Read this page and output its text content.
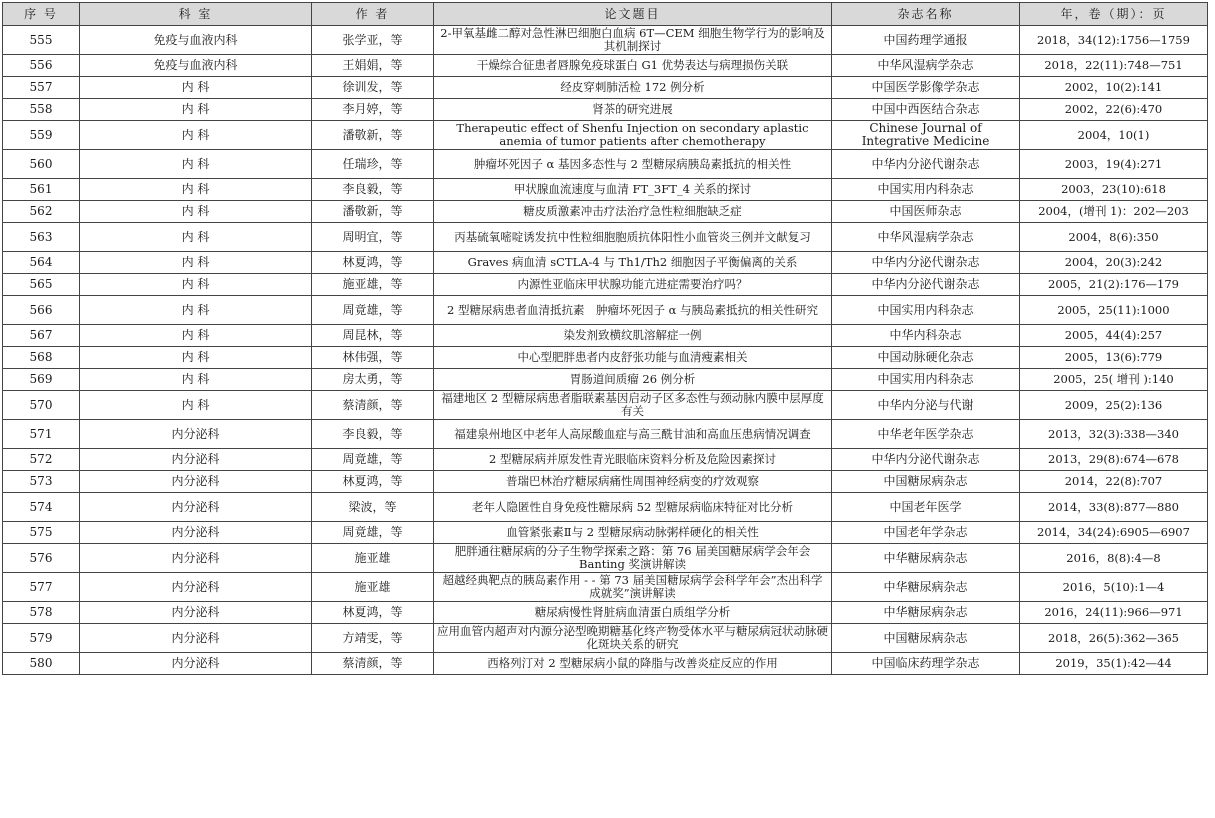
序 号	科 室	作 者	论文题目	杂志名称	年，卷（期）：页
555	免疫与血液内科	张学亚，等	2-甲氧基雌二醇对急性淋巴细胞白血病 6T—CEM 细胞生物学行为的影响及其机制探讨	中国药理学通报	2018，34(12):1756—1759
556	免疫与血液内科	王娟娟，等	干燥综合征患者唇腺免疫球蛋白 G1 优势表达与病理损伤关联	中华风湿病学杂志	2018，22(11):748—751
557	内 科	徐训发，等	经皮穿刺肺活检 172 例分析	中国医学影像学杂志	2002，10(2):141
558	内 科	李月婷，等	肾茶的研究进展	中国中西医结合杂志	2002，22(6):470
559	内 科	潘敬新，等	Therapeutic effect of Shenfu Injection on secondary aplastic anemia of tumor patients after chemotherapy	Chinese Journal of Integrative Medicine	2004，10(1)
560	内 科	任瑞珍，等	肿瘤坏死因子 α 基因多态性与 2 型糖尿病胰岛素抵抗的相关性	中华内分泌代谢杂志	2003，19(4):271
561	内 科	李良毅，等	甲状腺血流速度与血清 FT_3FT_4 关系的探讨	中国实用内科杂志	2003，23(10):618
562	内 科	潘敬新，等	糖皮质激素冲击疗法治疗急性粒细胞缺乏症	中国医师杂志	2004，(增刊 1)：202—203
563	内 科	周明宜，等	丙基硫氧嘧啶诱发抗中性粒细胞胞质抗体阳性小血管炎三例并文献复习	中华风湿病学杂志	2004，8(6):350
564	内 科	林夏鸿，等	Graves 病血清 sCTLA-4 与 Th1/Th2 细胞因子平衡偏离的关系	中华内分泌代谢杂志	2004，20(3):242
565	内 科	施亚雄，等	内源性亚临床甲状腺功能亢进症需要治疗吗？	中华内分泌代谢杂志	2005，21(2):176—179
566	内 科	周竟雄，等	2 型糖尿病患者血清抵抗素　肿瘤坏死因子 α 与胰岛素抵抗的相关性研究	中国实用内科杂志	2005，25(11):1000
567	内 科	周昆林，等	染发剂致横纹肌溶解症一例	中华内科杂志	2005，44(4):257
568	内 科	林伟强，等	中心型肥胖患者内皮舒张功能与血清瘦素相关	中国动脉硬化杂志	2005，13(6):779
569	内 科	房太勇，等	胃肠道间质瘤 26 例分析	中国实用内科杂志	2005，25( 增刊 ):140
570	内 科	蔡清颜，等	福建地区 2 型糖尿病患者脂联素基因启动子区多态性与颈动脉内膜中层厚度有关	中华内分泌与代谢	2009，25(2):136
571	内分泌科	李良毅，等	福建泉州地区中老年人高尿酸血症与高三酰甘油和高血压患病情况调查	中华老年医学杂志	2013，32(3):338—340
572	内分泌科	周竟雄，等	2 型糖尿病并原发性青光眼临床资料分析及危险因素探讨	中华内分泌代谢杂志	2013，29(8):674—678
573	内分泌科	林夏鸿，等	普瑞巴林治疗糖尿病痛性周围神经病变的疗效观察	中国糖尿病杂志	2014，22(8):707
574	内分泌科	梁波，等	老年人隐匿性自身免疫性糖尿病 52 型糖尿病临床特征对比分析	中国老年医学	2014，33(8):877—880
575	内分泌科	周竟雄，等	血管紧张素Ⅱ与 2 型糖尿病动脉粥样硬化的相关性	中国老年学杂志	2014，34(24):6905—6907
576	内分泌科	施亚雄	肥胖通往糖尿病的分子生物学探索之路：第 76 届美国糖尿病学会年会 Banting 奖演讲解读	中华糖尿病杂志	2016，8(8):4—8
577	内分泌科	施亚雄	超越经典靶点的胰岛素作用 - - 第 73 届美国糖尿病学会科学年会”杰出科学成就奖”演讲解读	中华糖尿病杂志	2016，5(10):1—4
578	内分泌科	林夏鸿，等	糖尿病慢性肾脏病血清蛋白质组学分析	中华糖尿病杂志	2016，24(11):966—971
579	内分泌科	方靖雯，等	应用血管内超声对内源分泌型晚期糖基化终产物受体水平与糖尿病冠状动脉硬化斑块关系的研究	中国糖尿病杂志	2018，26(5):362—365
580	内分泌科	蔡清颜，等	西格列汀对 2 型糖尿病小鼠的降脂与改善炎症反应的作用	中国临床药理学杂志	2019，35(1):42—44
